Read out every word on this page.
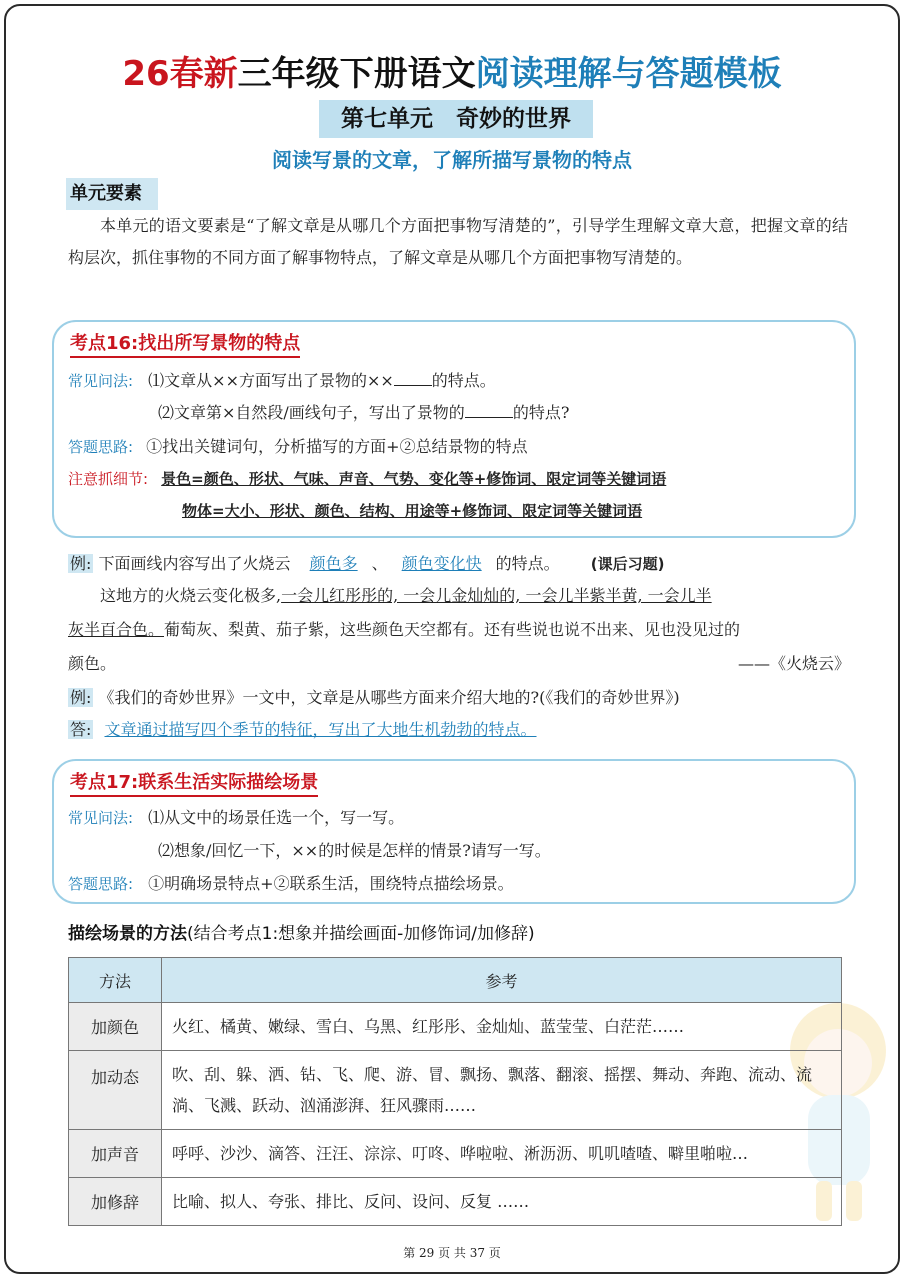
26春新三年级下册语文阅读理解与答题模板
第七单元　奇妙的世界
阅读写景的文章，了解所描写景物的特点
单元要素
本单元的语文要素是“了解文章是从哪几个方面把事物写清楚的”，引导学生理解文章大意，把握文章的结构层次，抓住事物的不同方面了解事物特点，了解文章是从哪几个方面把事物写清楚的。
考点16:找出所写景物的特点
常见问法: ⑴文章从××方面写出了景物的×× 的特点。
⑵文章第×自然段/画线句子，写出了景物的	的特点?
答题思路: ①找出关键词句，分析描写的方面+②总结景物的特点
注意抓细节: 景色=颜色、形状、气味、声音、气势、变化等+修饰词、限定词等关键词语
物体=大小、形状、颜色、结构、用途等+修饰词、限定词等关键词语
例: 下面画线内容写出了火烧云 颜色多 、 颜色变化快 的特点。 (课后习题)
这地方的火烧云变化极多,一会儿红彤彤的, 一会儿金灿灿的, 一会儿半紫半黄, 一会儿半
灰半百合色。葡萄灰、梨黄、茄子紫，这些颜色天空都有。还有些说也说不出来、见也没见过的
颜色。	——《火烧云》
例: 《我们的奇妙世界》一文中，文章是从哪些方面来介绍大地的?(《我们的奇妙世界》)
答: 文章通过描写四个季节的特征，写出了大地生机勃勃的特点。
考点17:联系生活实际描绘场景
常见问法: ⑴从文中的场景任选一个，写一写。
⑵想象/回忆一下，××的时候是怎样的情景?请写一写。
答题思路: ①明确场景特点+②联系生活，围绕特点描绘场景。
描绘场景的方法(结合考点1:想象并描绘画面-加修饰词/加修辞)
方法	参考
加颜色	火红、橘黄、嫩绿、雪白、乌黑、红彤彤、金灿灿、蓝莹莹、白茫茫……
加动态	吹、刮、躲、洒、钻、飞、爬、游、冒、飘扬、飘落、翻滚、摇摆、舞动、奔跑、流动、流淌、飞溅、跃动、汹涌澎湃、狂风骤雨……
加声音	呼呼、沙沙、滴答、汪汪、淙淙、叮咚、哗啦啦、淅沥沥、叽叽喳喳、噼里啪啦…
加修辞	比喻、拟人、夸张、排比、反问、设问、反复 ……
第 29 页 共 37 页
